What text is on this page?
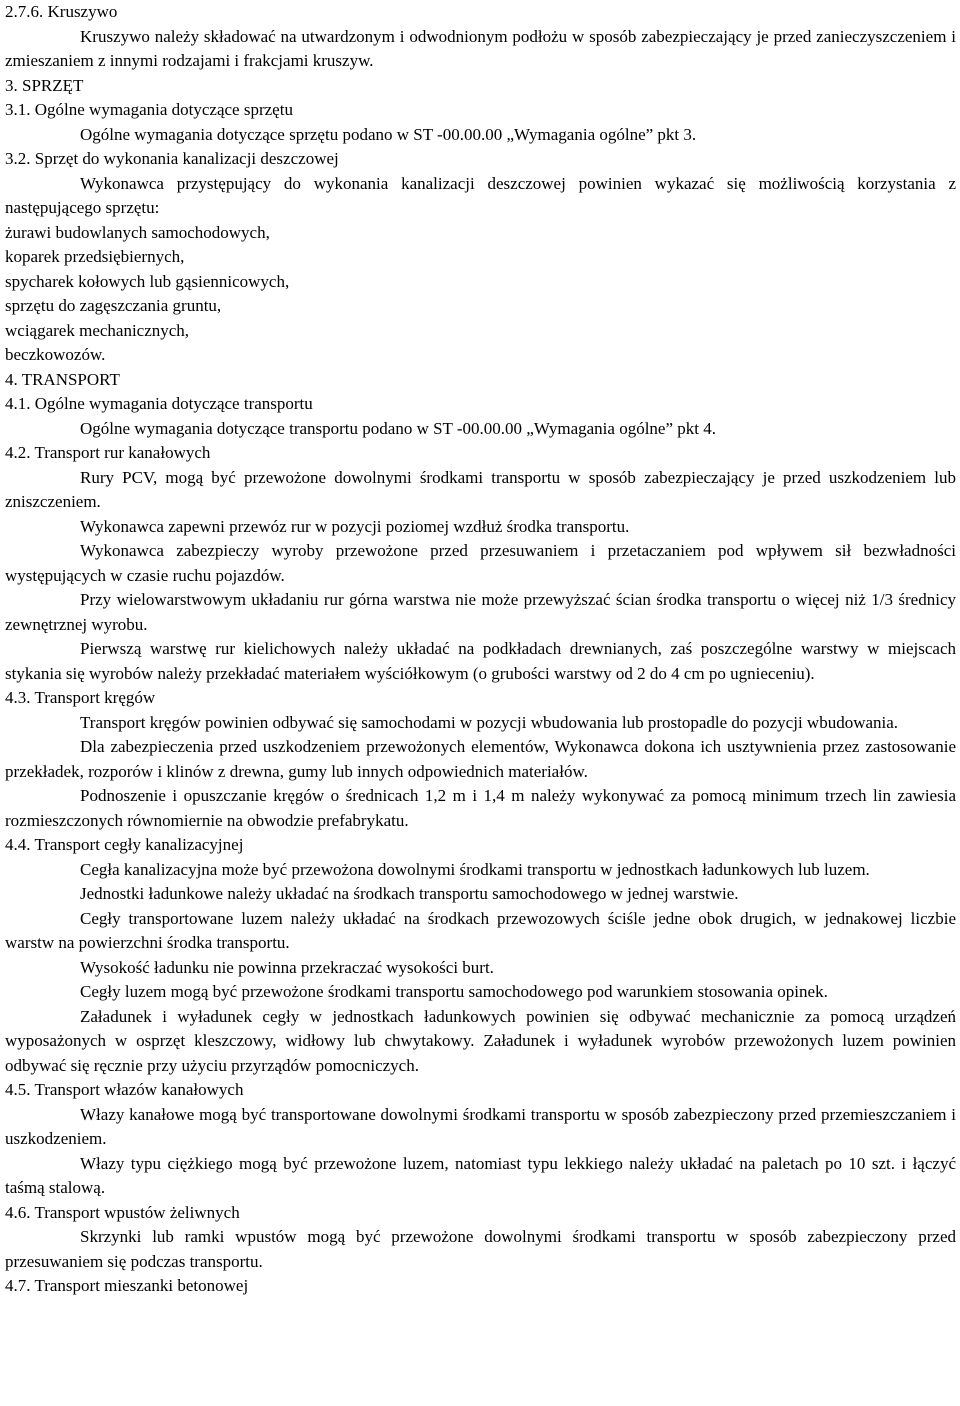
2.7.6. Kruszywo

Kruszywo należy składować na utwardzonym i odwodnionym podłożu w sposób zabezpieczający je przed zanieczyszczeniem i zmieszaniem z innymi rodzajami i frakcjami kruszyw.

3. SPRZĘT

3.1. Ogólne wymagania dotyczące sprzętu

Ogólne wymagania dotyczące sprzętu podano w ST -00.00.00 „Wymagania ogólne” pkt 3.

3.2. Sprzęt do wykonania kanalizacji deszczowej

Wykonawca przystępujący do wykonania kanalizacji deszczowej powinien wykazać się możliwością korzystania z następującego sprzętu:

żurawi budowlanych samochodowych,

koparek przedsiębiernych,

spycharek kołowych lub gąsiennicowych,

sprzętu do zagęszczania gruntu,

wciągarek mechanicznych,

beczkowozów.

4. TRANSPORT

4.1. Ogólne wymagania dotyczące transportu

Ogólne wymagania dotyczące transportu podano w ST -00.00.00 „Wymagania ogólne” pkt 4.

4.2. Transport rur kanałowych

Rury PCV, mogą być przewożone dowolnymi środkami transportu w sposób zabezpieczający je przed uszkodzeniem lub zniszczeniem.

Wykonawca zapewni przewóz rur w pozycji poziomej wzdłuż środka transportu.

Wykonawca zabezpieczy wyroby przewożone przed przesuwaniem i przetaczaniem pod wpływem sił bezwładności występujących w czasie ruchu pojazdów.

Przy wielowarstwowym układaniu rur górna warstwa nie może przewyższać ścian środka transportu o więcej niż 1/3 średnicy zewnętrznej wyrobu.

Pierwszą warstwę rur kielichowych należy układać na podkładach drewnianych, zaś poszczególne warstwy w miejscach stykania się wyrobów należy przekładać materiałem wyściółkowym (o grubości warstwy od 2 do 4 cm po ugnieceniu).

4.3. Transport kręgów

Transport kręgów powinien odbywać się samochodami w pozycji wbudowania lub prostopadle do pozycji wbudowania.

Dla zabezpieczenia przed uszkodzeniem przewożonych elementów, Wykonawca dokona ich usztywnienia przez zastosowanie przekładek, rozporów i klinów z drewna, gumy lub innych odpowiednich materiałów.

Podnoszenie i opuszczanie kręgów o średnicach 1,2 m i 1,4 m należy wykonywać za pomocą minimum trzech lin zawiesia rozmieszczonych równomiernie na obwodzie prefabrykatu.

4.4. Transport cegły kanalizacyjnej

Cegła kanalizacyjna może być przewożona dowolnymi środkami transportu w jednostkach ładunkowych lub luzem.

Jednostki ładunkowe należy układać na środkach transportu samochodowego w jednej warstwie.

Cegły transportowane luzem należy układać na środkach przewozowych ściśle jedne obok drugich, w jednakowej liczbie warstw na powierzchni środka transportu.

Wysokość ładunku nie powinna przekraczać wysokości burt.

Cegły luzem mogą być przewożone środkami transportu samochodowego pod warunkiem stosowania opinek.

Załadunek i wyładunek cegły w jednostkach ładunkowych powinien się odbywać mechanicznie za pomocą urządzeń wyposażonych w osprzęt kleszczowy, widłowy lub chwytakowy. Załadunek i wyładunek wyrobów przewożonych luzem powinien odbywać się ręcznie przy użyciu przyrządów pomocniczych.

4.5. Transport włazów kanałowych

Włazy kanałowe mogą być transportowane dowolnymi środkami transportu w sposób zabezpieczony przed przemieszczaniem i uszkodzeniem.

Włazy typu ciężkiego mogą być przewożone luzem, natomiast typu lekkiego należy układać na paletach po 10 szt. i łączyć taśmą stalową.

4.6. Transport wpustów żeliwnych

Skrzynki lub ramki wpustów mogą być przewożone dowolnymi środkami transportu w sposób zabezpieczony przed przesuwaniem się podczas transportu.

4.7. Transport mieszanki betonowej
